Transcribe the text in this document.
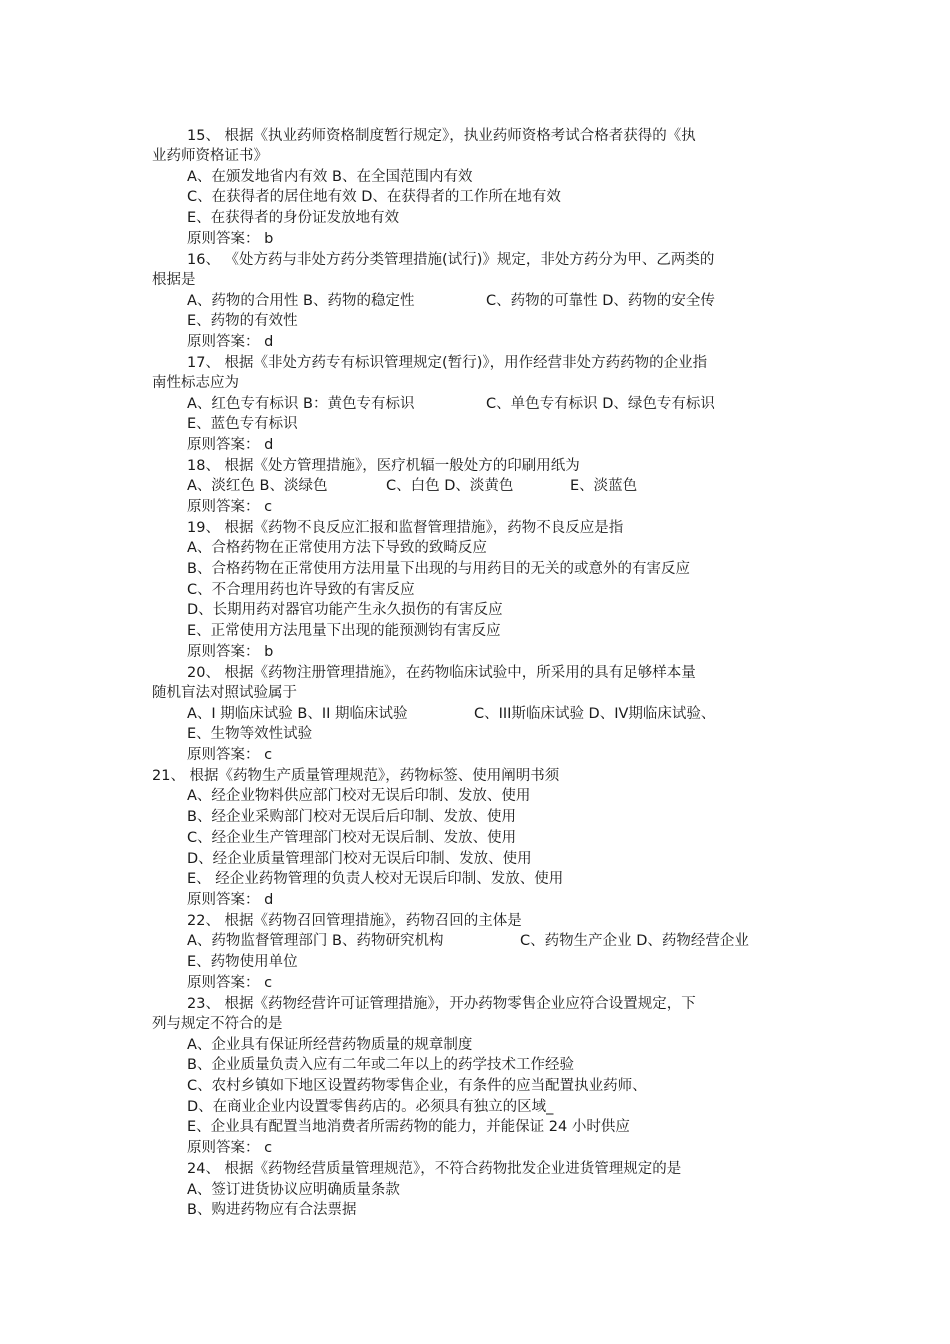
15、 根据《执业药师资格制度暂行规定》，执业药师资格考试合格者获得的《执
业药师资格证书》
A、在颁发地省内有效 B、在全国范围内有效
C、在获得者的居住地有效 D、在获得者的工作所在地有效
E、在获得者的身份证发放地有效
原则答案： b
16、 《处方药与非处方药分类管理措施(试行)》规定，非处方药分为甲、乙两类的
根据是
A、药物的合用性 B、药物的稳定性	C、药物的可靠性 D、药物的安全传
E、药物的有效性
原则答案： d
17、 根据《非处方药专有标识管理规定(暂行)》，用作经营非处方药药物的企业指
南性标志应为
A、红色专有标识 B：黄色专有标识	C、单色专有标识 D、绿色专有标识
E、蓝色专有标识
原则答案： d
18、 根据《处方管理措施》，医疗机辐一般处方的印刷用纸为
A、淡红色 B、淡绿色	C、白色 D、淡黄色	E、淡蓝色
原则答案： c
19、 根据《药物不良反应汇报和监督管理措施》，药物不良反应是指
A、合格药物在正常使用方法下导致的致畸反应
B、合格药物在正常使用方法用量下出现的与用药目的无关的或意外的有害反应
C、不合理用药也许导致的有害反应
D、长期用药对器官功能产生永久损伤的有害反应
E、正常使用方法甩量下出现的能预测钧有害反应
原则答案： b
20、 根据《药物注册管理措施》，在药物临床试验中，所采用的具有足够样本量
随机盲法对照试验属于
A、I 期临床试验 B、II 期临床试验	C、III斯临床试验 D、IV期临床试验、
E、生物等效性试验
原则答案： c
21、 根据《药物生产质量管理规范》，药物标签、使用阐明书须
A、经企业物料供应部门校对无误后印制、发放、使用
B、经企业采购部门校对无误后后印制、发放、使用
C、经企业生产管理部门校对无误后制、发放、使用
D、经企业质量管理部门校对无误后印制、发放、使用
E、 经企业药物管理的负责人校对无误后印制、发放、使用
原则答案： d
22、 根据《药物召回管理措施》，药物召回的主体是
A、药物监督管理部门 B、药物研究机构	C、药物生产企业 D、药物经营企业
E、药物使用单位
原则答案： c
23、 根据《药物经营许可证管理措施》，开办药物零售企业应符合设置规定，下
列与规定不符合的是
A、企业具有保证所经营药物质量的规章制度
B、企业质量负责入应有二年或二年以上的药学技术工作经验
C、农村乡镇如下地区设置药物零售企业，有条件的应当配置执业药师、
D、在商业企业内设置零售药店的。必须具有独立的区域_
E、企业具有配置当地消费者所需药物的能力，并能保证 24 小时供应
原则答案： c
24、 根据《药物经营质量管理规范》，不符合药物批发企业进货管理规定的是
A、签订进货协议应明确质量条款
B、购进药物应有合法票据
